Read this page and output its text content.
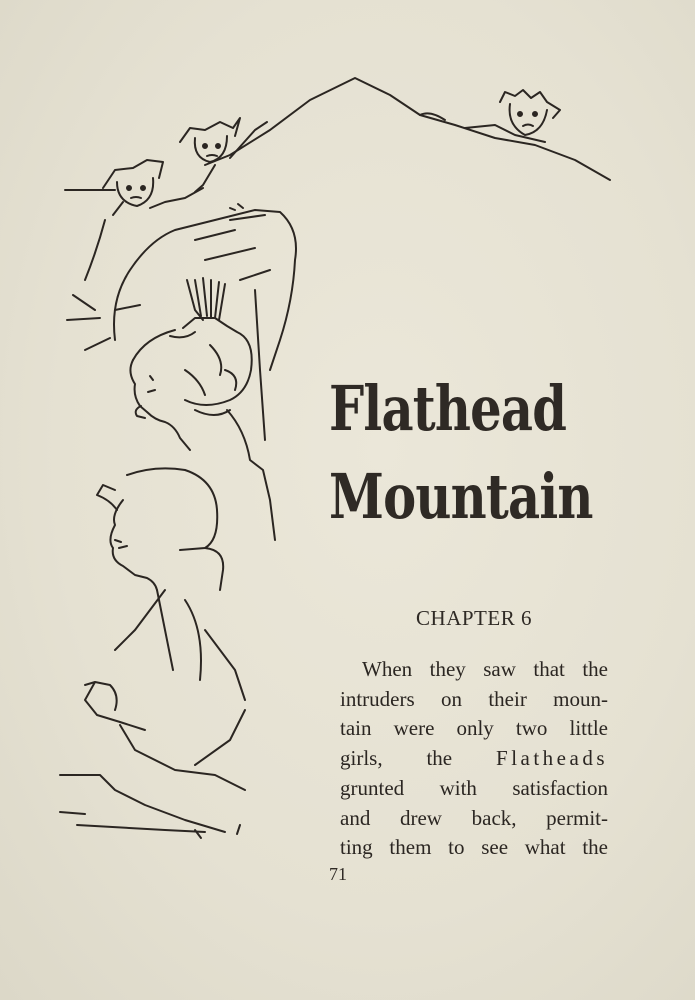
Flathead
Mountain
CHAPTER 6

When they saw that the
intruders on their moun-
tain were only two little
girls, the Flatheads
grunted with satisfaction
and drew back, permit-
ting them to see what the

71
